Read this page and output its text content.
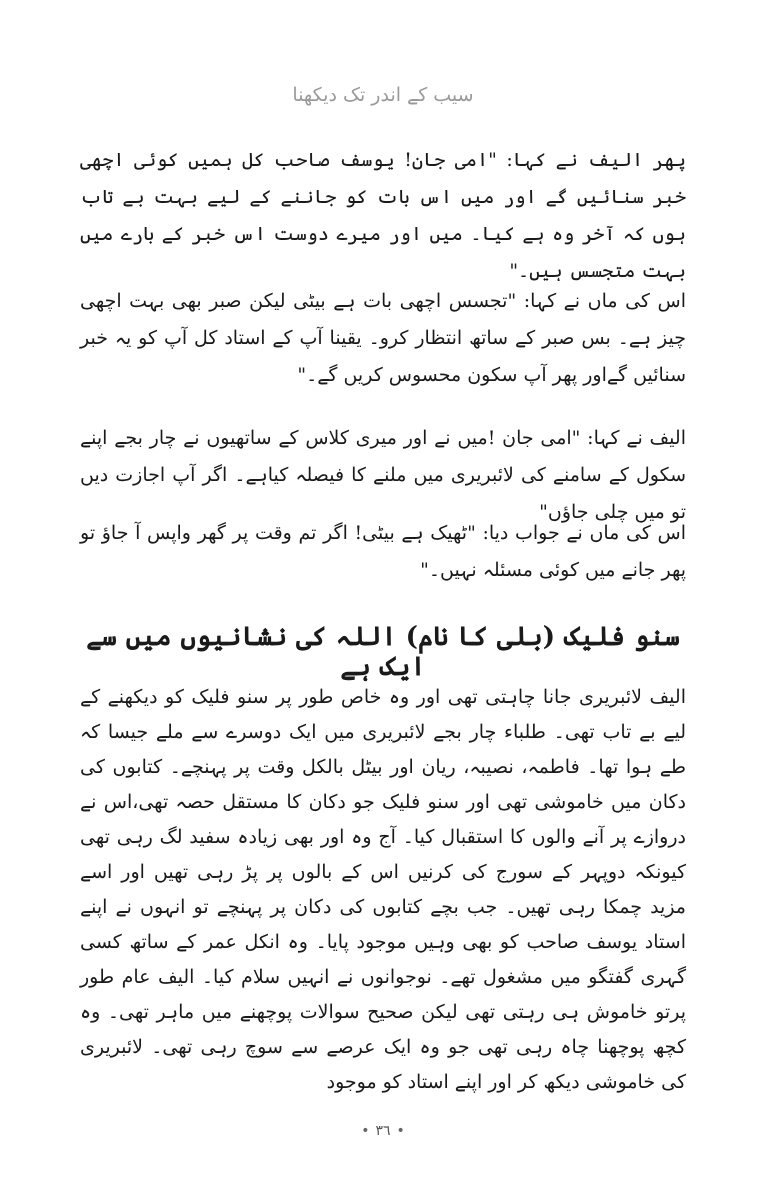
سیب کے اندر تک دیکھنا

پھر الیف نے کہا: "امی جان! یوسف صاحب کل ہمیں کوئی اچھی خبر سنائیں گے اور میں اس بات کو جاننے کے لیے بہت بے تاب ہوں کہ آخر وہ ہے کیا۔ میں اور میرے دوست اس خبر کے بارے میں بہت متجسس ہیں۔"

اس کی ماں نے کہا: "تجسس اچھی بات ہے بیٹی لیکن صبر بھی بہت اچھی چیز ہے۔ بس صبر کے ساتھ انتظار کرو۔ یقینا آپ کے استاد کل آپ کو یہ خبر سنائیں گےاور پھر آپ سکون محسوس کریں گے۔"

الیف نے کہا: "امی جان !میں نے اور میری کلاس کے ساتھیوں نے چار بجے اپنے سکول کے سامنے کی لائبریری میں ملنے کا فیصلہ کیاہے۔ اگر آپ اجازت دیں تو میں چلی جاؤں"

اس کی ماں نے جواب دیا: "ٹھیک ہے بیٹی! اگر تم وقت پر گھر واپس آ جاؤ تو پھر جانے میں کوئی مسئلہ نہیں۔"

سنو فلیک (بلی کا نام) اللہ کی نشانیوں میں سے ایک ہے

الیف لائبریری جانا چاہتی تھی اور وہ خاص طور پر سنو فلیک کو دیکھنے کے لیے بے تاب تھی۔ طلباء چار بجے لائبریری میں ایک دوسرے سے ملے جیسا کہ طے ہوا تھا۔ فاطمہ، نصیبہ، ریان اور بیٹل بالکل وقت پر پہنچے۔ کتابوں کی دکان میں خاموشی تھی اور سنو فلیک جو دکان کا مستقل حصہ تھی،اس نے دروازے پر آنے والوں کا استقبال کیا۔ آج وہ اور بھی زیادہ سفید لگ رہی تھی کیونکہ دوپہر کے سورج کی کرنیں اس کے بالوں پر پڑ رہی تھیں اور اسے مزید چمکا رہی تھیں۔ جب بچے کتابوں کی دکان پر پہنچے تو انہوں نے اپنے استاد یوسف صاحب کو بھی وہیں موجود پایا۔ وہ انکل عمر کے ساتھ کسی گہری گفتگو میں مشغول تھے۔ نوجوانوں نے انہیں سلام کیا۔ الیف عام طور پرتو خاموش ہی رہتی تھی لیکن صحیح سوالات پوچھنے میں ماہر تھی۔ وہ کچھ پوچھنا چاہ رہی تھی جو وہ ایک عرصے سے سوچ رہی تھی۔ لائبریری کی خاموشی دیکھ کر اور اپنے استاد کو موجود

• ٣٦ •
